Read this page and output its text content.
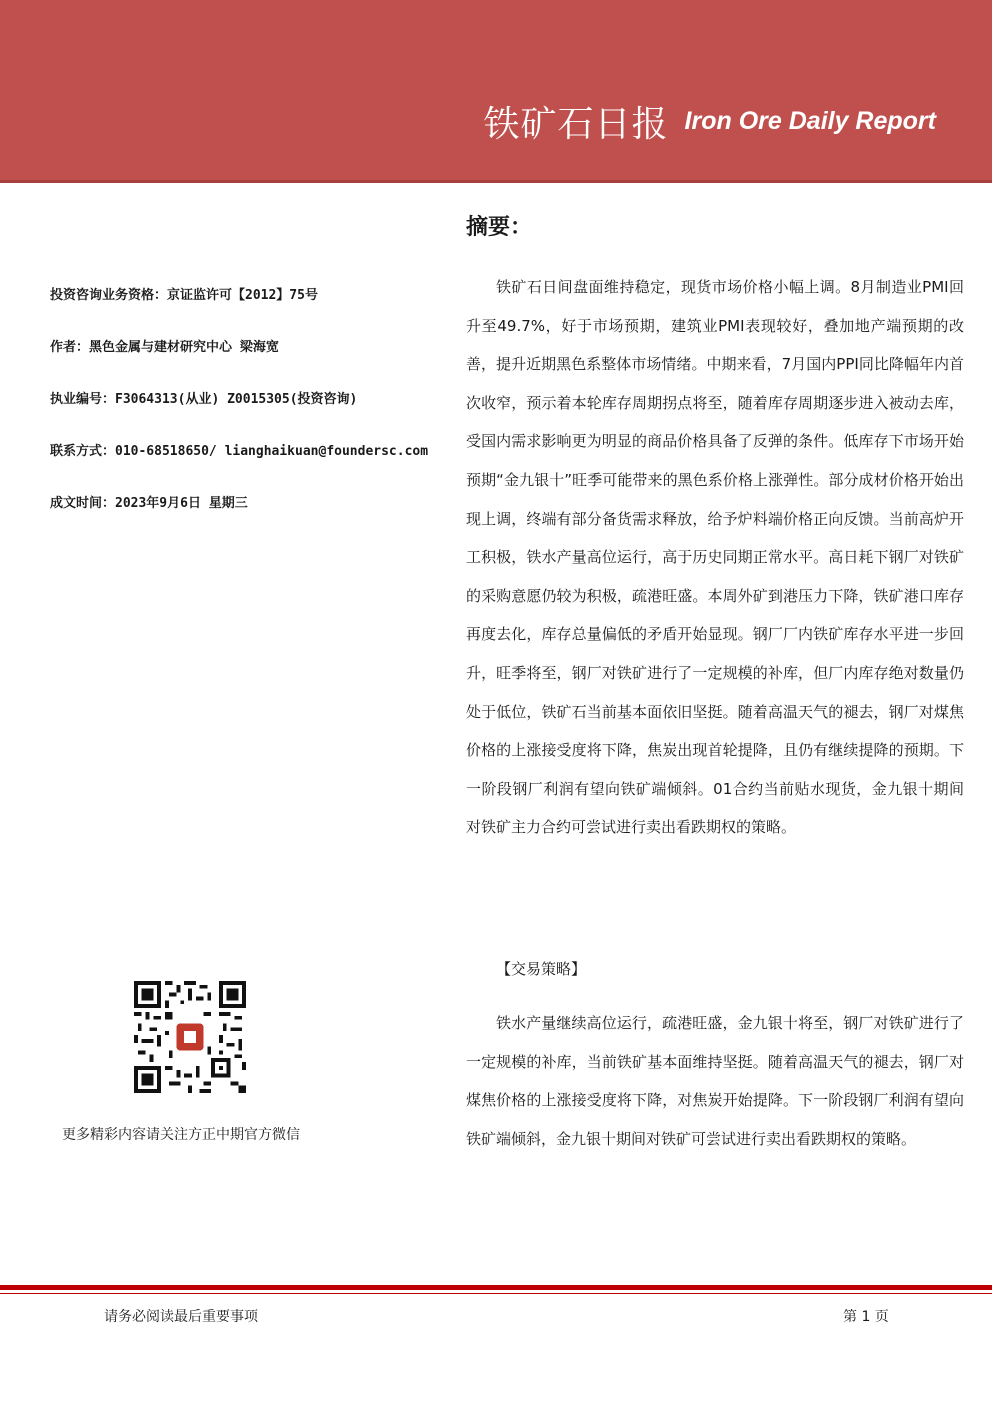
铁矿石日报 Iron Ore Daily Report
投资咨询业务资格：京证监许可【2012】75号
作者：黑色金属与建材研究中心 梁海宽
执业编号：F3064313(从业) Z0015305(投资咨询)
联系方式：010-68518650/ lianghaikuan@foundersc.com
成文时间：2023年9月6日 星期三
更多精彩内容请关注方正中期官方微信
摘要：

铁矿石日间盘面维持稳定，现货市场价格小幅上调。8月制造业PMI回升至49.7%，好于市场预期，建筑业PMI表现较好，叠加地产端预期的改善，提升近期黑色系整体市场情绪。中期来看，7月国内PPI同比降幅年内首次收窄，预示着本轮库存周期拐点将至，随着库存周期逐步进入被动去库，受国内需求影响更为明显的商品价格具备了反弹的条件。低库存下市场开始预期“金九银十”旺季可能带来的黑色系价格上涨弹性。部分成材价格开始出现上调，终端有部分备货需求释放，给予炉料端价格正向反馈。当前高炉开工积极，铁水产量高位运行，高于历史同期正常水平。高日耗下钢厂对铁矿的采购意愿仍较为积极，疏港旺盛。本周外矿到港压力下降，铁矿港口库存再度去化，库存总量偏低的矛盾开始显现。钢厂厂内铁矿库存水平进一步回升，旺季将至，钢厂对铁矿进行了一定规模的补库，但厂内库存绝对数量仍处于低位，铁矿石当前基本面依旧坚挺。随着高温天气的褪去，钢厂对煤焦价格的上涨接受度将下降，焦炭出现首轮提降，且仍有继续提降的预期。下一阶段钢厂利润有望向铁矿端倾斜。01合约当前贴水现货，金九银十期间对铁矿主力合约可尝试进行卖出看跌期权的策略。

【交易策略】

铁水产量继续高位运行，疏港旺盛，金九银十将至，钢厂对铁矿进行了一定规模的补库，当前铁矿基本面维持坚挺。随着高温天气的褪去，钢厂对煤焦价格的上涨接受度将下降，对焦炭开始提降。下一阶段钢厂利润有望向铁矿端倾斜，金九银十期间对铁矿可尝试进行卖出看跌期权的策略。

请务必阅读最后重要事项	第 1 页
